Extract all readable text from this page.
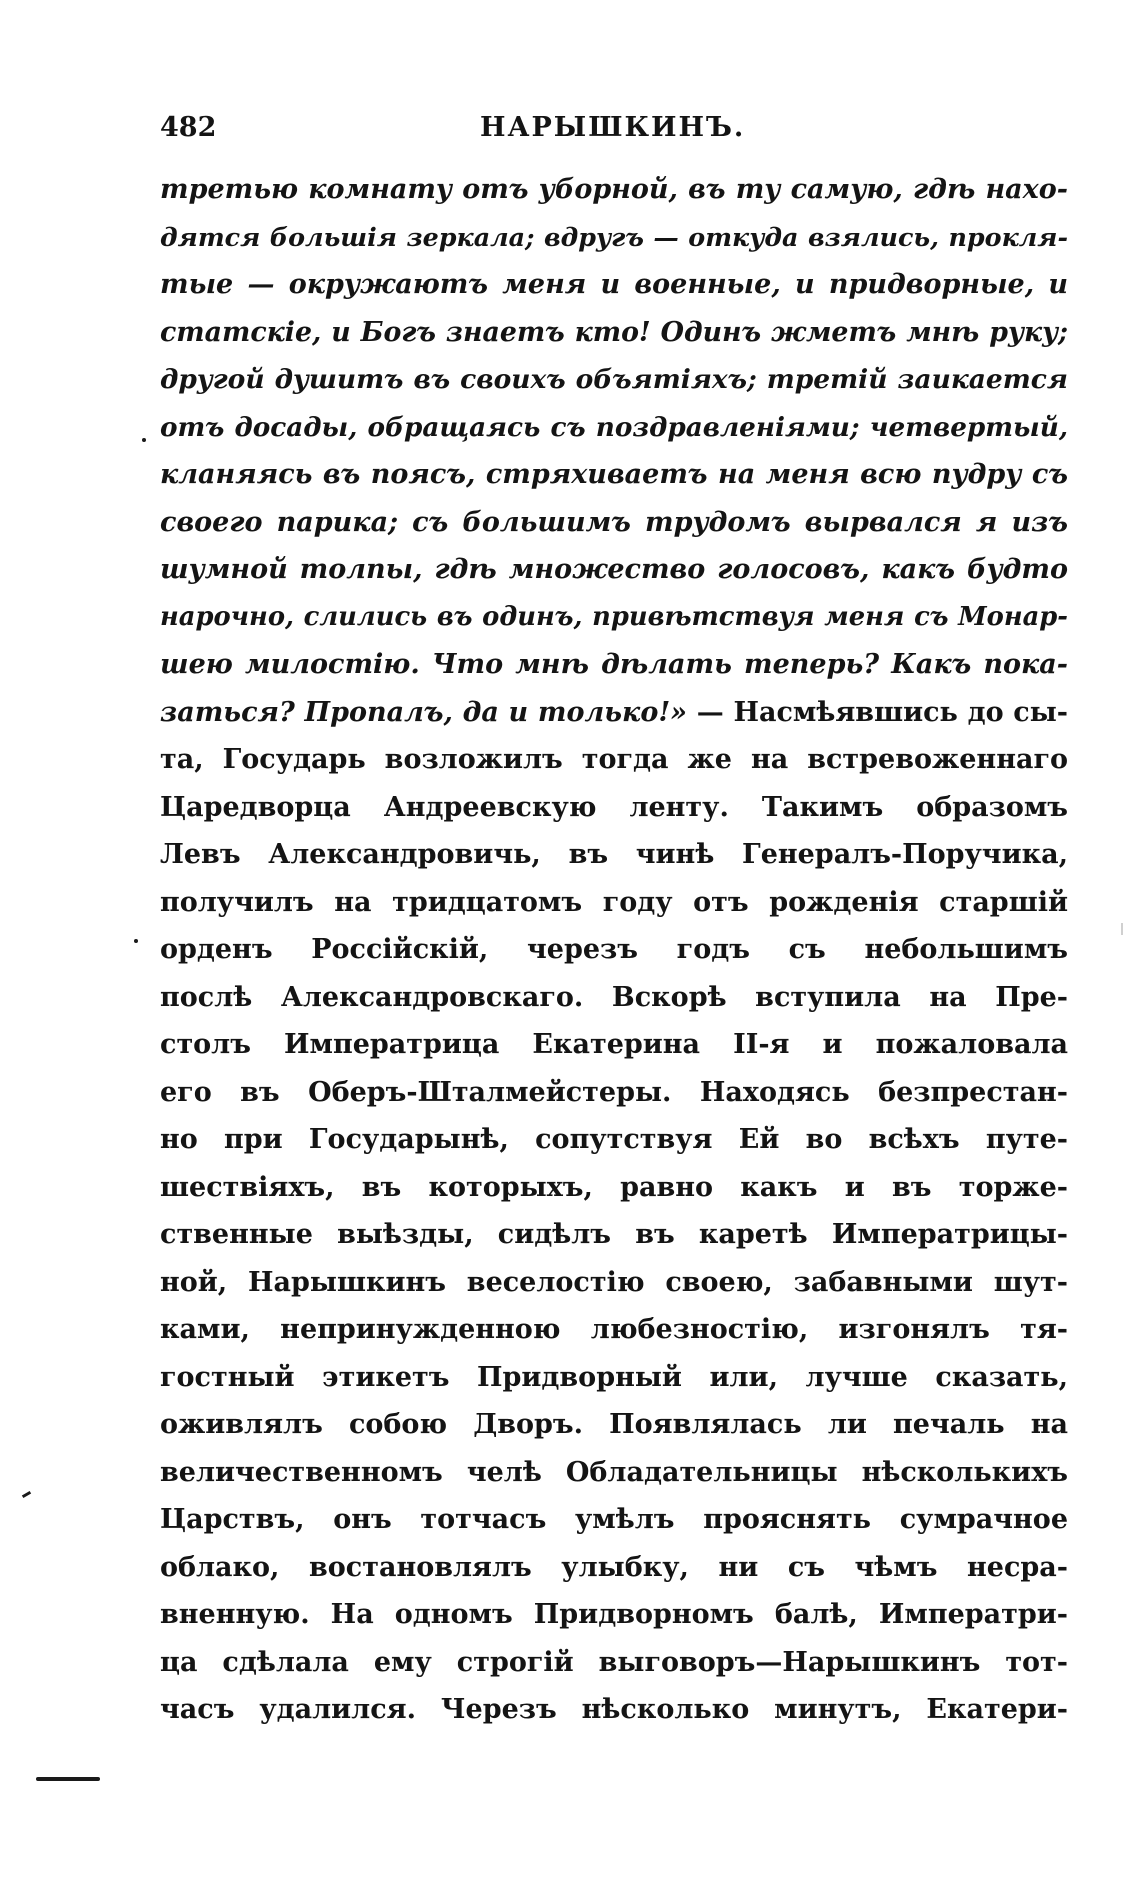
482	НАРЫШКИНЪ.
третью комнату отъ уборной, въ ту самую, гдѣ нахо-
дятся большія зеркала; вдругъ — откуда взялись, прокля-
тые — окружаютъ меня и военные, и придворные, и
статскіе, и Богъ знаетъ кто! Одинъ жметъ мнѣ руку;
другой душитъ въ своихъ объятіяхъ; третій заикается
отъ досады, обращаясь съ поздравленіями; четвертый,
кланяясь въ поясъ, стряхиваетъ на меня всю пудру съ
своего парика; съ большимъ трудомъ вырвался я изъ
шумной толпы, гдѣ множество голосовъ, какъ будто
нарочно, слились въ одинъ, привѣтствуя меня съ Монар-
шею милостію. Что мнѣ дѣлать теперь? Какъ пока-
заться? Пропалъ, да и только!» — Насмѣявшись до сы-
та, Государь возложилъ тогда же на встревоженнаго
Царедворца Андреевскую ленту. Такимъ образомъ
Левъ Александровичь, въ чинѣ Генералъ-Поручика,
получилъ на тридцатомъ году отъ рожденія старшій
орденъ Россійскій, черезъ годъ съ небольшимъ
послѣ Александровскаго. Вскорѣ вступила на Пре-
столъ Императрица Екатерина II-я и пожаловала
его въ Оберъ-Шталмейстеры. Находясь безпрестан-
но при Государынѣ, сопутствуя Ей во всѣхъ путе-
шествіяхъ, въ которыхъ, равно какъ и въ торже-
ственные выѣзды, сидѣлъ въ каретѣ Императрицы-
ной, Нарышкинъ веселостію своею, забавными шут-
ками, непринужденною любезностію, изгонялъ тя-
гостный этикетъ Придворный или, лучше сказать,
оживлялъ собою Дворъ. Появлялась ли печаль на
величественномъ челѣ Обладательницы нѣсколькихъ
Царствъ, онъ тотчасъ умѣлъ прояснять сумрачное
облако, востановлялъ улыбку, ни съ чѣмъ несра-
вненную. На одномъ Придворномъ балѣ, Императри-
ца сдѣлала ему строгій выговоръ—Нарышкинъ тот-
часъ удалился. Черезъ нѣсколько минутъ, Екатери-
